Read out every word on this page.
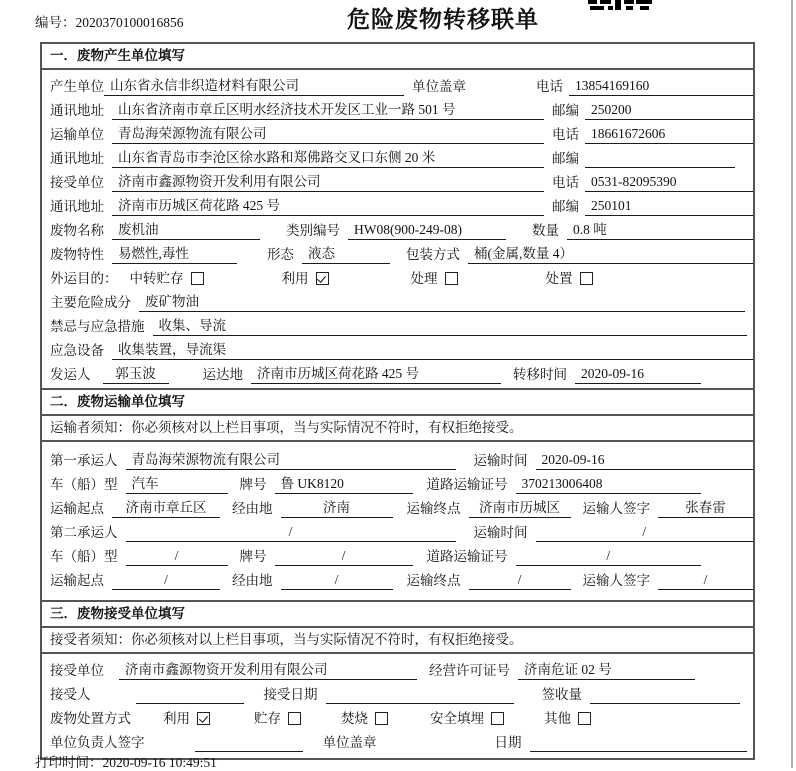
编号：2020370100016856	危险废物转移联单
一．废物产生单位填写
产生单位 山东省永信非织造材料有限公司	单位盖章	电话 13854169160
通讯地址	山东省济南市章丘区明水经济技术开发区工业一路 501 号	邮编 250200
运输单位	青岛海荣源物流有限公司	电话 18661672606
通讯地址	山东省青岛市李沧区徐水路和郑佛路交叉口东侧 20 米	邮编
接受单位	济南市鑫源物资开发利用有限公司	电话 0531-82095390
通讯地址	济南市历城区荷花路 425 号	邮编 250101
废物名称	废机油	类别编号	HW08(900-249-08)	数量	0.8 吨
废物特性	易燃性,毒性	形态	液态	包装方式	桶(金属,数量 4）
外运目的： 中转贮存	利用	处理	处置
主要危险成分	废矿物油
禁忌与应急措施	收集、导流
应急设备	收集装置，导流渠
发运人	郭玉波	运达地	济南市历城区荷花路 425 号	转移时间	2020-09-16
二．废物运输单位填写
运输者须知：你必须核对以上栏目事项，当与实际情况不符时，有权拒绝接受。
第一承运人	青岛海荣源物流有限公司	运输时间	2020-09-16
车（船）型	汽车	牌号	鲁 UK8120	道路运输证号	370213006408
运输起点	济南市章丘区	经由地	济南	运输终点	济南市历城区	运输人签字	张春雷
第二承运人	/	运输时间	/
车（船）型	/	牌号	/	道路运输证号	/
运输起点	/	经由地	/	运输终点	/	运输人签字	/
三．废物接受单位填写
接受者须知：你必须核对以上栏目事项，当与实际情况不符时，有权拒绝接受。
接受单位	济南市鑫源物资开发利用有限公司	经营许可证号	济南危证 02 号
接受人	接受日期	签收量
废物处置方式 利用	贮存	焚烧	安全填埋	其他
单位负责人签字	单位盖章	日期
打印时间：2020-09-16 10:49:51
